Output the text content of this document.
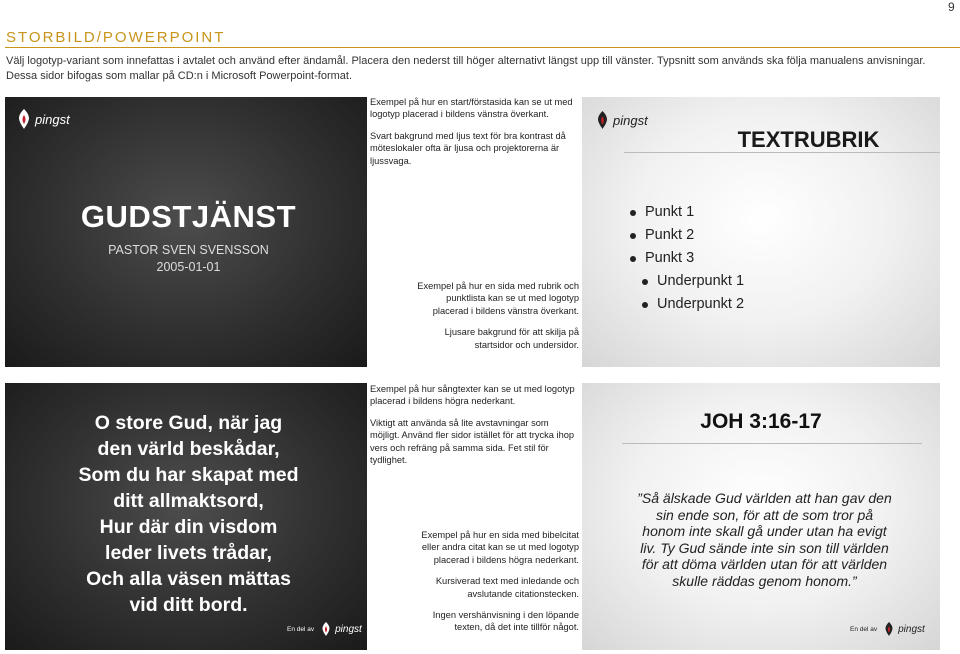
9
STORBILD/POWERPOINT
Välj logotyp-variant som innefattas i avtalet och använd efter ändamål. Placera den nederst till höger alternativt längst upp till vänster. Typsnitt som används ska följa manualens anvisningar.
Dessa sidor bifogas som mallar på CD:n i Microsoft Powerpoint-format.
pingst
GUDSTJÄNST
PASTOR SVEN SVENSSON
2005-01-01

Exempel på hur en start/förstasida kan se ut med logotyp placerad i bildens vänstra överkant.

Svart bakgrund med ljus text för bra kontrast då möteslokaler ofta är ljusa och projektorerna är ljussvaga.

Exempel på hur en sida med rubrik och punktlista kan se ut med logotyp placerad i bildens vänstra överkant.

Ljusare bakgrund för att skilja på startsidor och undersidor.

pingst
TEXTRUBRIK
Punkt 1
Punkt 2
Punkt 3
Underpunkt 1
Underpunkt 2
O store Gud, när jag
den värld beskådar,
Som du har skapat med
ditt allmaktsord,
Hur där din visdom
leder livets trådar,
Och alla väsen mättas
vid ditt bord.
En del av pingst

Exempel på hur sångtexter kan se ut med logotyp placerad i bildens högra nederkant.

Viktigt att använda så lite avstavningar som möjligt. Använd fler sidor istället för att trycka ihop vers och refräng på samma sida. Fet stil för tydlighet.

Exempel på hur en sida med bibelcitat eller andra citat kan se ut med logotyp placerad i bildens högra nederkant.

Kursiverad text med inledande och avslutande citationstecken.

Ingen vershänvisning i den löpande texten, då det inte tillför något.

JOH 3:16-17
”Så älskade Gud världen att han gav den
sin ende son, för att de som tror på
honom inte skall gå under utan ha evigt
liv. Ty Gud sände inte sin son till världen
för att döma världen utan för att världen
skulle räddas genom honom.”
En del av pingst
